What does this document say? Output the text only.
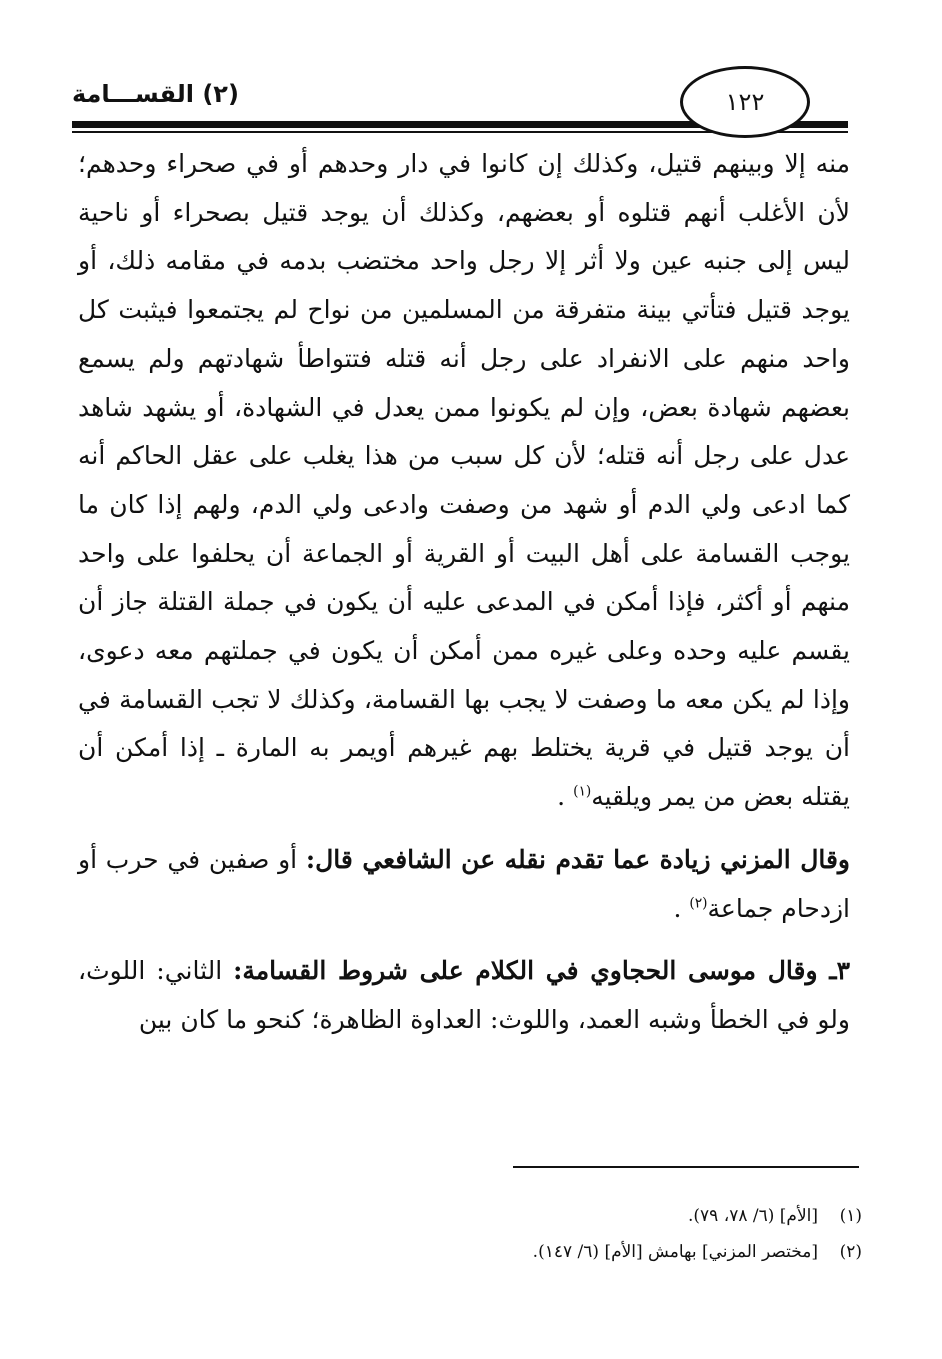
(٢) القســـامة	١٢٢

منه إلا وبينهم قتيل، وكذلك إن كانوا في دار وحدهم أو في صحراء وحدهم؛ لأن الأغلب أنهم قتلوه أو بعضهم، وكذلك أن يوجد قتيل بصحراء أو ناحية ليس إلى جنبه عين ولا أثر إلا رجل واحد مختضب بدمه في مقامه ذلك، أو يوجد قتيل فتأتي بينة متفرقة من المسلمين من نواح لم يجتمعوا فيثبت كل واحد منهم على الانفراد على رجل أنه قتله فتتواطأ شهادتهم ولم يسمع بعضهم شهادة بعض، وإن لم يكونوا ممن يعدل في الشهادة، أو يشهد شاهد عدل على رجل أنه قتله؛ لأن كل سبب من هذا يغلب على عقل الحاكم أنه كما ادعى ولي الدم أو شهد من وصفت وادعى ولي الدم، ولهم إذا كان ما يوجب القسامة على أهل البيت أو القرية أو الجماعة أن يحلفوا على واحد منهم أو أكثر، فإذا أمكن في المدعى عليه أن يكون في جملة القتلة جاز أن يقسم عليه وحده وعلى غيره ممن أمكن أن يكون في جملتهم معه دعوى، وإذا لم يكن معه ما وصفت لا يجب بها القسامة، وكذلك لا تجب القسامة في أن يوجد قتيل في قرية يختلط بهم غيرهم أويمر به المارة ـ إذا أمكن أن يقتله بعض من يمر ويلقيه$^{(١)}$ .

وقال المزني زيادة عما تقدم نقله عن الشافعي قال: أو صفين في حرب أو ازدحام جماعة$^{(٢)}$ .

٣ـ وقال موسى الحجاوي في الكلام على شروط القسامة: الثاني: اللوث، ولو في الخطأ وشبه العمد، واللوث: العداوة الظاهرة؛ كنحو ما كان بين

(١)
[الأم] (٦/ ٧٨، ٧٩).
(٢)
[مختصر المزني] بهامش [الأم] (٦/ ١٤٧).
